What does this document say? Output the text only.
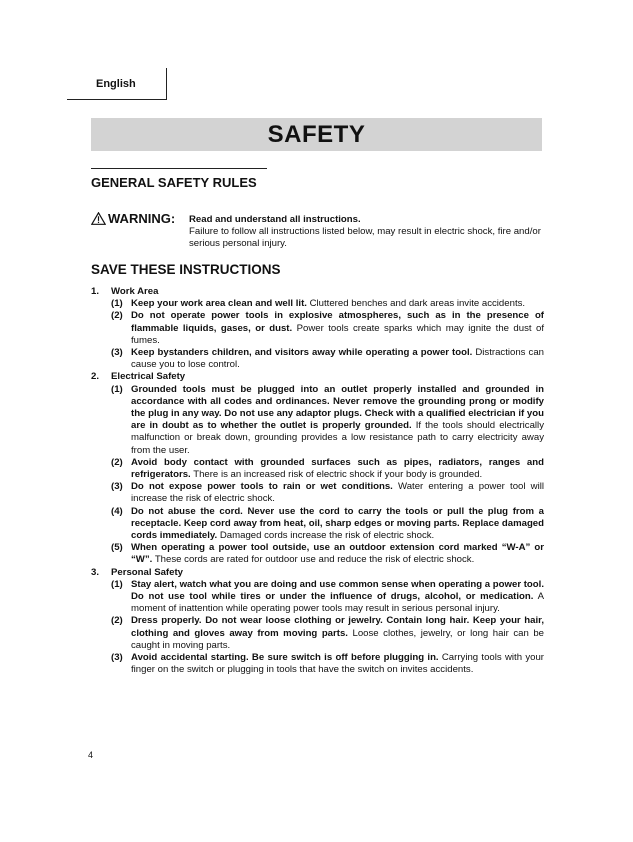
English
SAFETY
GENERAL SAFETY RULES
WARNING: Read and understand all instructions.
Failure to follow all instructions listed below, may result in electric shock, fire and/or serious personal injury.
SAVE THESE INSTRUCTIONS
1. Work Area
(1) Keep your work area clean and well lit. Cluttered benches and dark areas invite accidents.
(2) Do not operate power tools in explosive atmospheres, such as in the presence of flammable liquids, gases, or dust. Power tools create sparks which may ignite the dust of fumes.
(3) Keep bystanders children, and visitors away while operating a power tool. Distractions can cause you to lose control.
2. Electrical Safety
(1) Grounded tools must be plugged into an outlet properly installed and grounded in accordance with all codes and ordinances. Never remove the grounding prong or modify the plug in any way. Do not use any adaptor plugs. Check with a qualified electrician if you are in doubt as to whether the outlet is properly grounded. If the tools should electrically malfunction or break down, grounding provides a low resistance path to carry electricity away from the user.
(2) Avoid body contact with grounded surfaces such as pipes, radiators, ranges and refrigerators. There is an increased risk of electric shock if your body is grounded.
(3) Do not expose power tools to rain or wet conditions. Water entering a power tool will increase the risk of electric shock.
(4) Do not abuse the cord. Never use the cord to carry the tools or pull the plug from a receptacle. Keep cord away from heat, oil, sharp edges or moving parts. Replace damaged cords immediately. Damaged cords increase the risk of electric shock.
(5) When operating a power tool outside, use an outdoor extension cord marked “W-A” or “W”. These cords are rated for outdoor use and reduce the risk of electric shock.
3. Personal Safety
(1) Stay alert, watch what you are doing and use common sense when operating a power tool. Do not use tool while tires or under the influence of drugs, alcohol, or medication. A moment of inattention while operating power tools may result in serious personal injury.
(2) Dress properly. Do not wear loose clothing or jewelry. Contain long hair. Keep your hair, clothing and gloves away from moving parts. Loose clothes, jewelry, or long hair can be caught in moving parts.
(3) Avoid accidental starting. Be sure switch is off before plugging in. Carrying tools with your finger on the switch or plugging in tools that have the switch on invites accidents.
4
